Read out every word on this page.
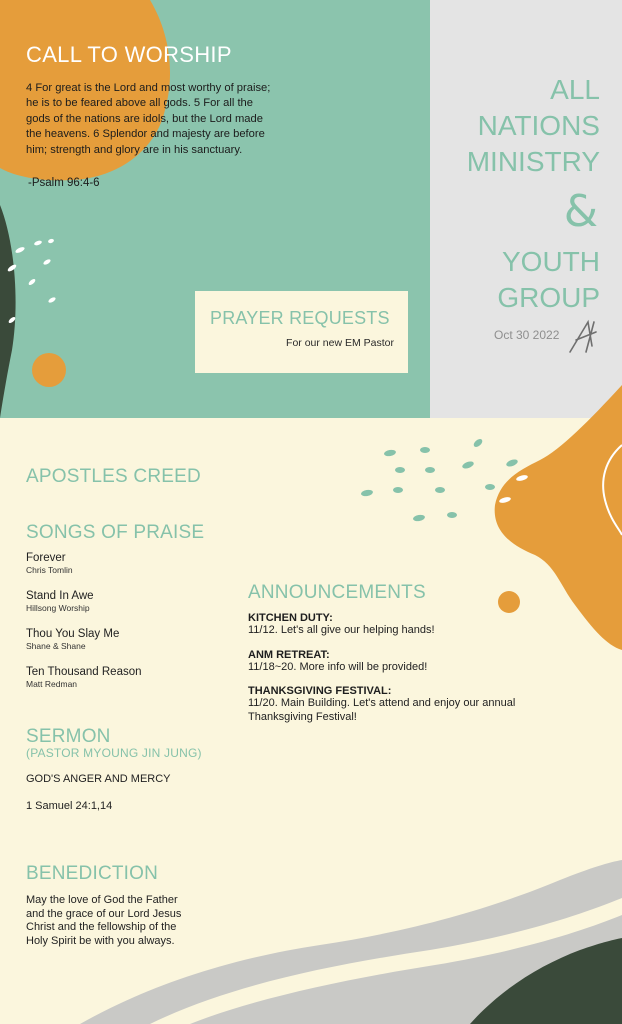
CALL TO WORSHIP
4 For great is the Lord and most worthy of praise;
he is to be feared above all gods. 5 For all the
gods of the nations are idols, but the Lord made
the heavens. 6 Splendor and majesty are before
him; strength and glory are in his sanctuary.
-Psalm 96:4-6
PRAYER REQUESTS
For our new EM Pastor
ALL
NATIONS
MINISTRY
&
YOUTH
GROUP
Oct 30 2022
APOSTLES CREED
SONGS OF PRAISE
Forever
Chris Tomlin
Stand In Awe
Hillsong Worship
Thou You Slay Me
Shane & Shane
Ten Thousand Reason
Matt Redman
SERMON
(PASTOR MYOUNG JIN JUNG)
GOD'S ANGER AND MERCY
1 Samuel 24:1,14
BENEDICTION
May the love of God the Father
and the grace of our Lord Jesus
Christ and the fellowship of the
Holy Spirit be with you always.
ANNOUNCEMENTS
KITCHEN DUTY:
11/12. Let's all give our helping hands!
ANM RETREAT:
11/18~20. More info will be provided!
THANKSGIVING FESTIVAL:
11/20. Main Building. Let's attend and enjoy our annual
Thanksgiving Festival!
